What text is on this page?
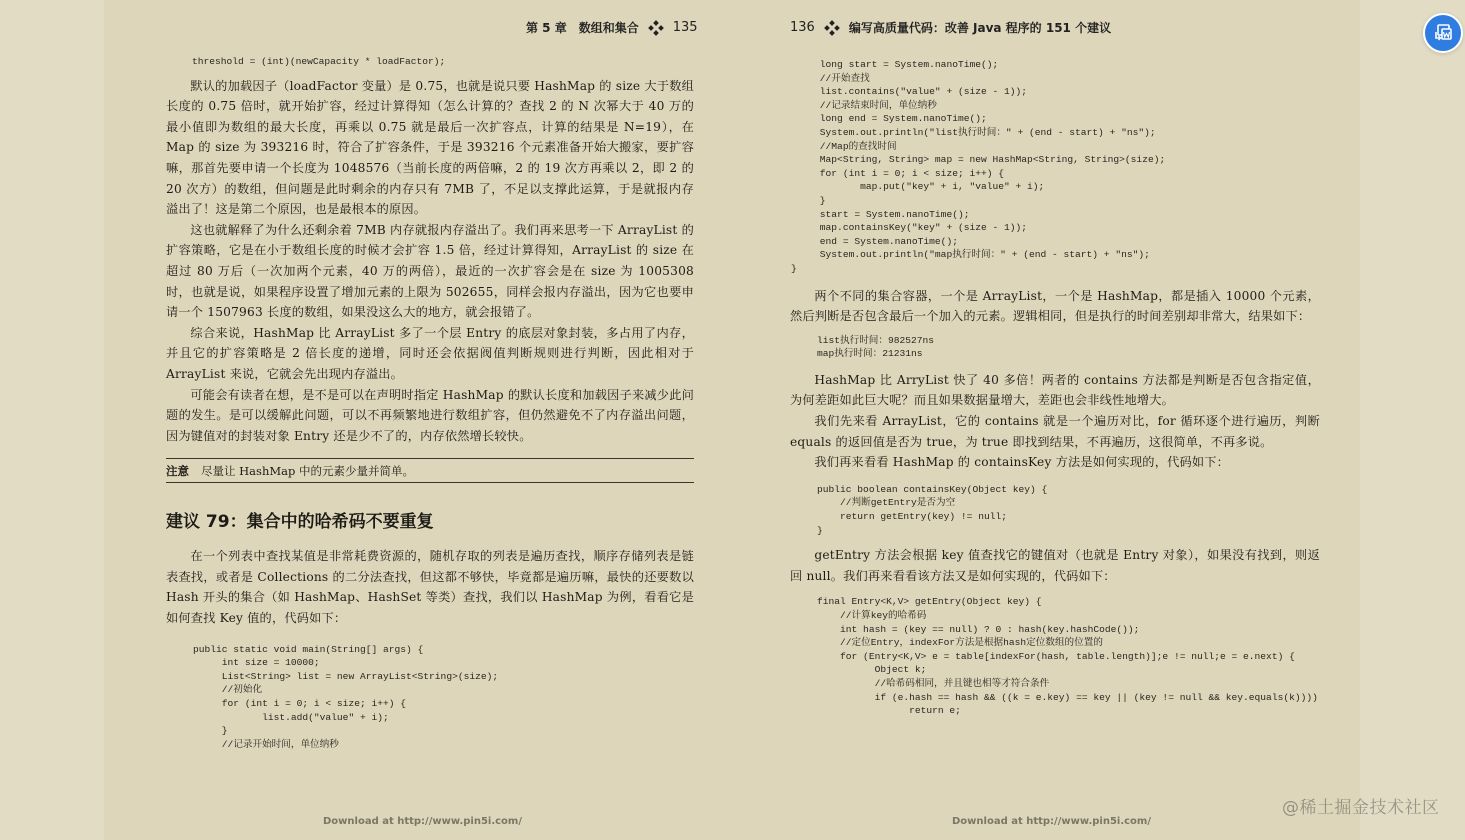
第 5 章　数组和集合	135
threshold = (int)(newCapacity * loadFactor);

默认的加载因子（loadFactor 变量）是 0.75，也就是说只要 HashMap 的 size 大于数组长度的 0.75 倍时，就开始扩容，经过计算得知（怎么计算的？查找 2 的 N 次幂大于 40 万的最小值即为数组的最大长度，再乘以 0.75 就是最后一次扩容点，计算的结果是 N=19），在 Map 的 size 为 393216 时，符合了扩容条件，于是 393216 个元素准备开始大搬家，要扩容嘛，那首先要申请一个长度为 1048576（当前长度的两倍嘛，2 的 19 次方再乘以 2，即 2 的 20 次方）的数组，但问题是此时剩余的内存只有 7MB 了，不足以支撑此运算，于是就报内存溢出了！这是第二个原因，也是最根本的原因。

这也就解释了为什么还剩余着 7MB 内存就报内存溢出了。我们再来思考一下 ArrayList 的扩容策略，它是在小于数组长度的时候才会扩容 1.5 倍，经过计算得知，ArrayList 的 size 在超过 80 万后（一次加两个元素，40 万的两倍），最近的一次扩容会是在 size 为 1005308 时，也就是说，如果程序设置了增加元素的上限为 502655，同样会报内存溢出，因为它也要申请一个 1507963 长度的数组，如果没这么大的地方，就会报错了。

综合来说，HashMap 比 ArrayList 多了一个层 Entry 的底层对象封装，多占用了内存，并且它的扩容策略是 2 倍长度的递增，同时还会依据阀值判断规则进行判断，因此相对于 ArrayList 来说，它就会先出现内存溢出。

可能会有读者在想，是不是可以在声明时指定 HashMap 的默认长度和加载因子来减少此问题的发生。是可以缓解此问题，可以不再频繁地进行数组扩容，但仍然避免不了内存溢出问题，因为键值对的封装对象 Entry 还是少不了的，内存依然增长较快。

注意 尽量让 HashMap 中的元素少量并简单。
建议 79：集合中的哈希码不要重复

在一个列表中查找某值是非常耗费资源的，随机存取的列表是遍历查找，顺序存储列表是链表查找，或者是 Collections 的二分法查找，但这都不够快，毕竟都是遍历嘛，最快的还要数以 Hash 开头的集合（如 HashMap、HashSet 等类）查找，我们以 HashMap 为例，看看它是如何查找 Key 值的，代码如下：

public static void main(String[] args) {
int size = 10000;
List<String> list = new ArrayList<String>(size);
//初始化
for (int i = 0; i < size; i++) {
list.add("value" + i);
}
//记录开始时间，单位纳秒
Download at http://www.pin5i.com/
136	编写高质量代码：改善 Java 程序的 151 个建议
long start = System.nanoTime();
//开始查找
list.contains("value" + (size - 1));
//记录结束时间，单位纳秒
long end = System.nanoTime();
System.out.println("list执行时间：" + (end - start) + "ns");
//Map的查找时间
Map<String, String> map = new HashMap<String, String>(size);
for (int i = 0; i < size; i++) {
map.put("key" + i, "value" + i);
}
start = System.nanoTime();
map.containsKey("key" + (size - 1));
end = System.nanoTime();
System.out.println("map执行时间：" + (end - start) + "ns");
}

两个不同的集合容器，一个是 ArrayList，一个是 HashMap，都是插入 10000 个元素，然后判断是否包含最后一个加入的元素。逻辑相同，但是执行的时间差别却非常大，结果如下：

list执行时间：982527ns
map执行时间：21231ns

HashMap 比 ArryList 快了 40 多倍！两者的 contains 方法都是判断是否包含指定值，为何差距如此巨大呢？而且如果数据量增大，差距也会非线性地增大。

我们先来看 ArrayList，它的 contains 就是一个遍历对比，for 循环逐个进行遍历，判断 equals 的返回值是否为 true，为 true 即找到结果，不再遍历，这很简单，不再多说。

我们再来看看 HashMap 的 containsKey 方法是如何实现的，代码如下：

public boolean containsKey(Object key) {
//判断getEntry是否为空
return getEntry(key) != null;
}

getEntry 方法会根据 key 值查找它的键值对（也就是 Entry 对象），如果没有找到，则返回 null。我们再来看看该方法又是如何实现的，代码如下：

final Entry<K,V> getEntry(Object key) {
//计算key的哈希码
int hash = (key == null) ? 0 : hash(key.hashCode());
//定位Entry，indexFor方法是根据hash定位数组的位置的
for (Entry<K,V> e = table[indexFor(hash, table.length)];e != null;e = e.next) {
Object k;
//哈希码相同，并且键也相等才符合条件
if (e.hash == hash && ((k = e.key) == key || (key != null && key.equals(k))))
return e;
Download at http://www.pin5i.com/
@稀土掘金技术社区
